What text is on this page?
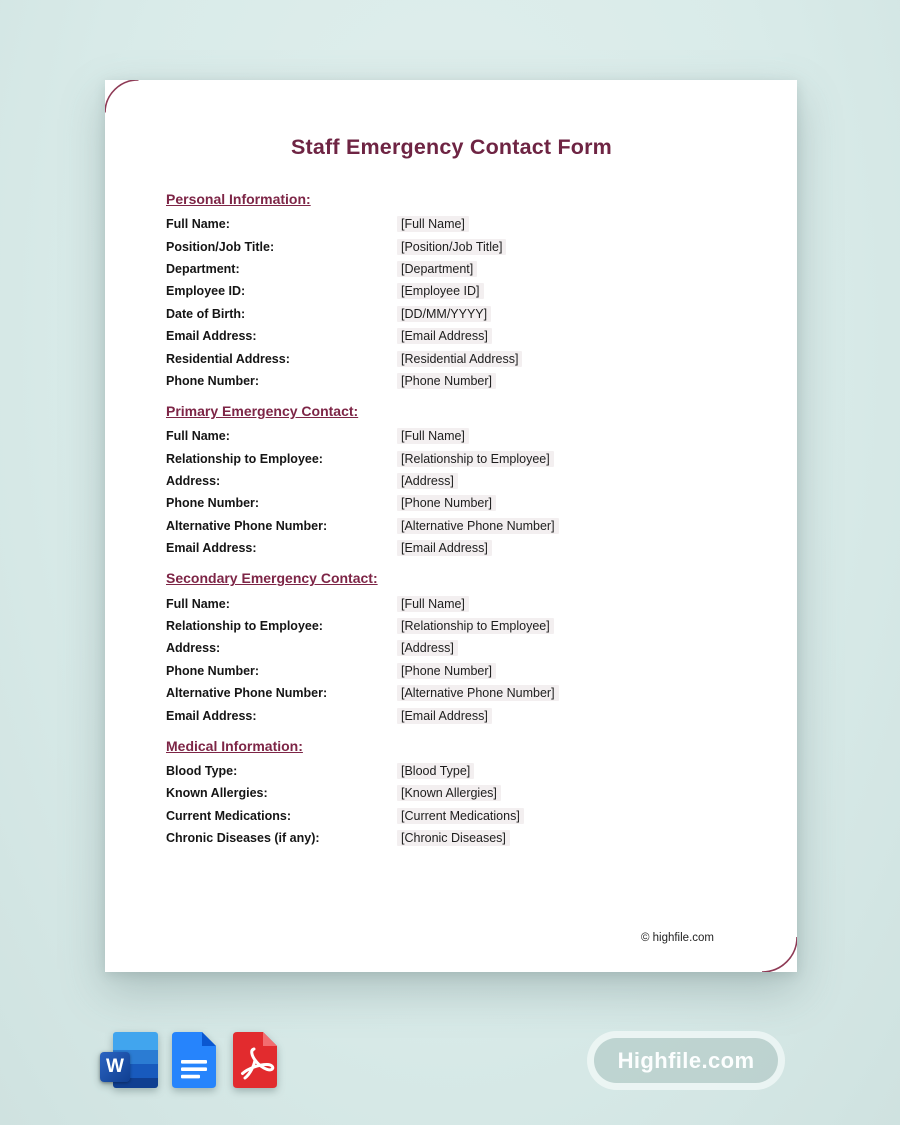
Staff Emergency Contact Form
Personal Information:
Full Name:	[Full Name]
Position/Job Title:	[Position/Job Title]
Department:	[Department]
Employee ID:	[Employee ID]
Date of Birth:	[DD/MM/YYYY]
Email Address:	[Email Address]
Residential Address:	[Residential Address]
Phone Number:	[Phone Number]
Primary Emergency Contact:
Full Name:	[Full Name]
Relationship to Employee:	[Relationship to Employee]
Address:	[Address]
Phone Number:	[Phone Number]
Alternative Phone Number:	[Alternative Phone Number]
Email Address:	[Email Address]
Secondary Emergency Contact:
Full Name:	[Full Name]
Relationship to Employee:	[Relationship to Employee]
Address:	[Address]
Phone Number:	[Phone Number]
Alternative Phone Number:	[Alternative Phone Number]
Email Address:	[Email Address]
Medical Information:
Blood Type:	[Blood Type]
Known Allergies:	[Known Allergies]
Current Medications:	[Current Medications]
Chronic Diseases (if any):	[Chronic Diseases]
© highfile.com
W	Highfile.com
